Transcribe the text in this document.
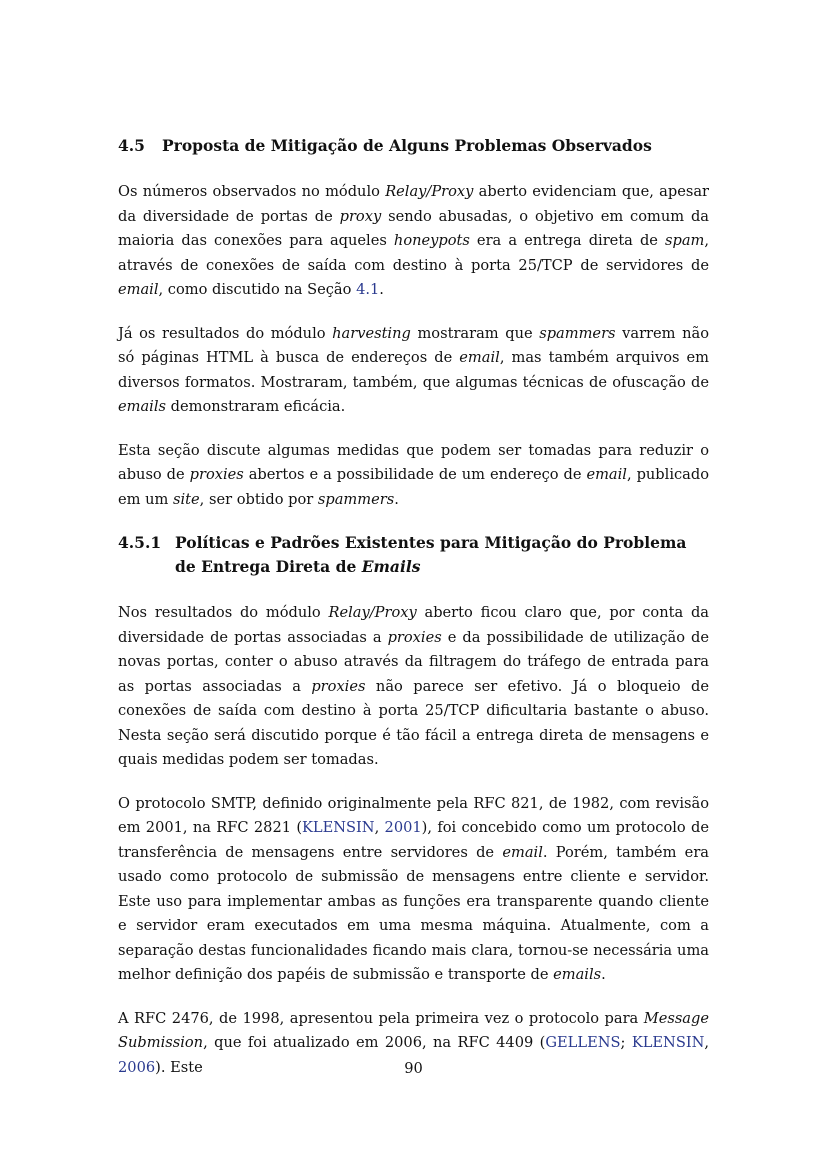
4.5	Proposta de Mitigação de Alguns Problemas Observados

Os números observados no módulo Relay/Proxy aberto evidenciam que, apesar da diversidade de portas de proxy sendo abusadas, o objetivo em comum da maioria das conexões para aqueles honeypots era a entrega direta de spam, através de conexões de saída com destino à porta 25/TCP de servidores de email, como discutido na Seção 4.1.

Já os resultados do módulo harvesting mostraram que spammers varrem não só páginas HTML à busca de endereços de email, mas também arquivos em diversos formatos. Mostraram, também, que algumas técnicas de ofuscação de emails demonstraram eficácia.

Esta seção discute algumas medidas que podem ser tomadas para reduzir o abuso de proxies abertos e a possibilidade de um endereço de email, publicado em um site, ser obtido por spammers.

4.5.1 Políticas e Padrões Existentes para Mitigação do Problema de Entrega Direta de Emails

Nos resultados do módulo Relay/Proxy aberto ficou claro que, por conta da diversidade de portas associadas a proxies e da possibilidade de utilização de novas portas, conter o abuso através da filtragem do tráfego de entrada para as portas associadas a proxies não parece ser efetivo. Já o bloqueio de conexões de saída com destino à porta 25/TCP dificultaria bastante o abuso. Nesta seção será discutido porque é tão fácil a entrega direta de mensagens e quais medidas podem ser tomadas.

O protocolo SMTP, definido originalmente pela RFC 821, de 1982, com revisão em 2001, na RFC 2821 (KLENSIN, 2001), foi concebido como um protocolo de transferência de mensagens entre servidores de email. Porém, também era usado como protocolo de submissão de mensagens entre cliente e servidor. Este uso para implementar ambas as funções era transparente quando cliente e servidor eram executados em uma mesma máquina. Atualmente, com a separação destas funcionalidades ficando mais clara, tornou-se necessária uma melhor definição dos papéis de submissão e transporte de emails.

A RFC 2476, de 1998, apresentou pela primeira vez o protocolo para Message Submission, que foi atualizado em 2006, na RFC 4409 (GELLENS; KLENSIN, 2006). Este	90
